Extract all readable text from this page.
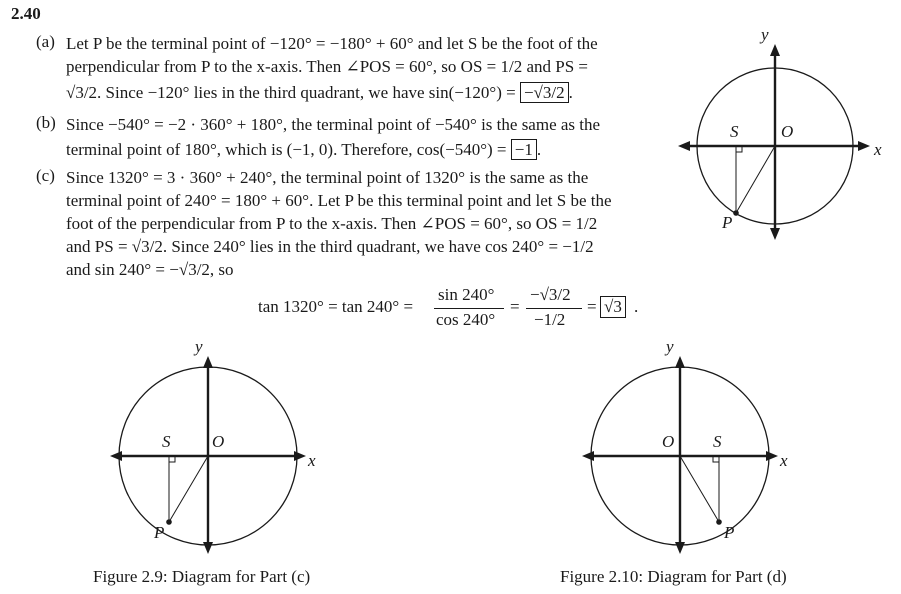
2.40
(a) Let P be the terminal point of −120° = −180° + 60° and let S be the foot of the
perpendicular from P to the x-axis. Then ∠POS = 60°, so OS = 1/2 and PS =
√3/2. Since −120° lies in the third quadrant, we have sin(−120°) = −√3/2 .
(b) Since −540° = −2 · 360° + 180°, the terminal point of −540° is the same as the
terminal point of 180°, which is (−1, 0). Therefore, cos(−540°) = −1 .
(c) Since 1320° = 3 · 360° + 240°, the terminal point of 1320° is the same as the
terminal point of 240° = 180° + 60°. Let P be this terminal point and let S be the
foot of the perpendicular from P to the x-axis. Then ∠POS = 60°, so OS = 1/2
and PS = √3/2. Since 240° lies in the third quadrant, we have cos 240° = −1/2
and sin 240° = −√3/2, so
tan 1320° = tan 240° =
sin 240°
cos 240°
=
−√3/2
−1/2
= √3 .
x
y
S	O
P
x
y
S O
P
Figure 2.9: Diagram for Part (c)
x
y
S
O
P
Figure 2.10: Diagram for Part (d)
